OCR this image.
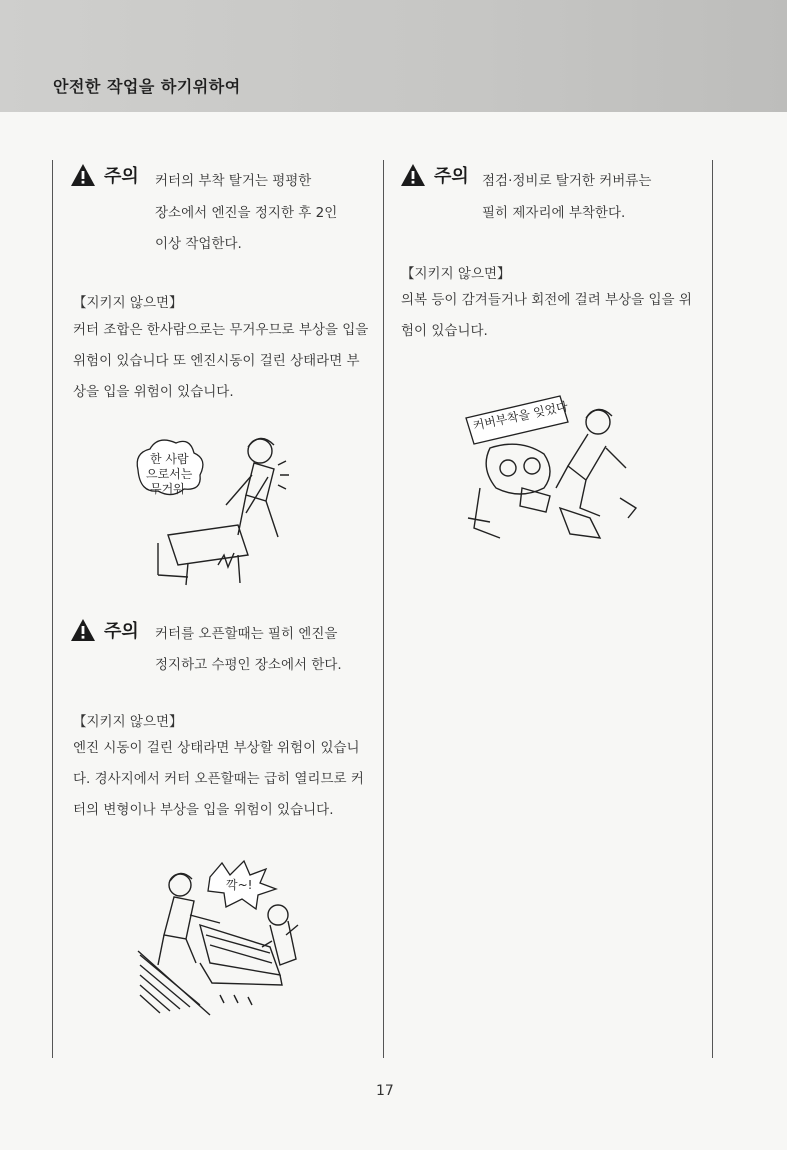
안전한 작업을 하기위하여
주의 커터의 부착 탈거는 평평한
장소에서 엔진을 정지한 후 2인
이상 작업한다.
【지키지 않으면】
커터 조합은 한사람으로는 무거우므로 부상을 입을 위험이 있습니다 또 엔진시동이 걸린 상태라면 부상을 입을 위험이 있습니다.
한 사람
으로서는
무거워
주의 커터를 오픈할때는 필히 엔진을
정지하고 수평인 장소에서 한다.
【지키지 않으면】
엔진 시동이 걸린 상태라면 부상할 위험이 있습니다. 경사지에서 커터 오픈할때는 급히 열리므로 커터의 변형이나 부상을 입을 위험이 있습니다.
깍~!
주의 점검·정비로 탈거한 커버류는
필히 제자리에 부착한다.
【지키지 않으면】
의복 등이 감겨들거나 회전에 걸려 부상을 입을 위험이 있습니다.
커버부착을 잊었다
17
